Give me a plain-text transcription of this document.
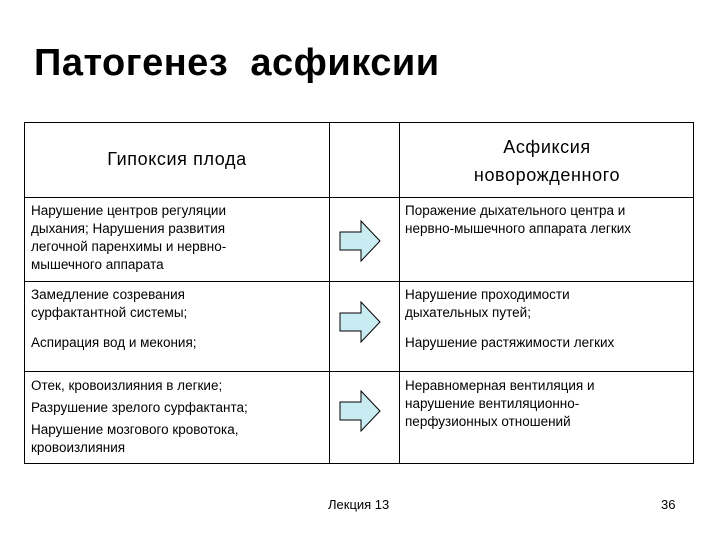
Патогенез  асфиксии
Гипоксия плода
Асфиксия
новорожденного
Нарушение центров регуляции
дыхания; Нарушения развития
легочной паренхимы и нервно-
мышечного аппарата
Поражение дыхательного центра и
нервно-мышечного аппарата легких
Замедление созревания
сурфактантной системы;
Аспирация вод и мекония;
Нарушение проходимости
дыхательных путей;
Нарушение растяжимости легких
Отек, кровоизлияния в легкие;
Разрушение зрелого сурфактанта;
Нарушение мозгового кровотока,
кровоизлияния
Неравномерная вентиляция и
нарушение вентиляционно-
перфузионных отношений
Лекция 13	36
